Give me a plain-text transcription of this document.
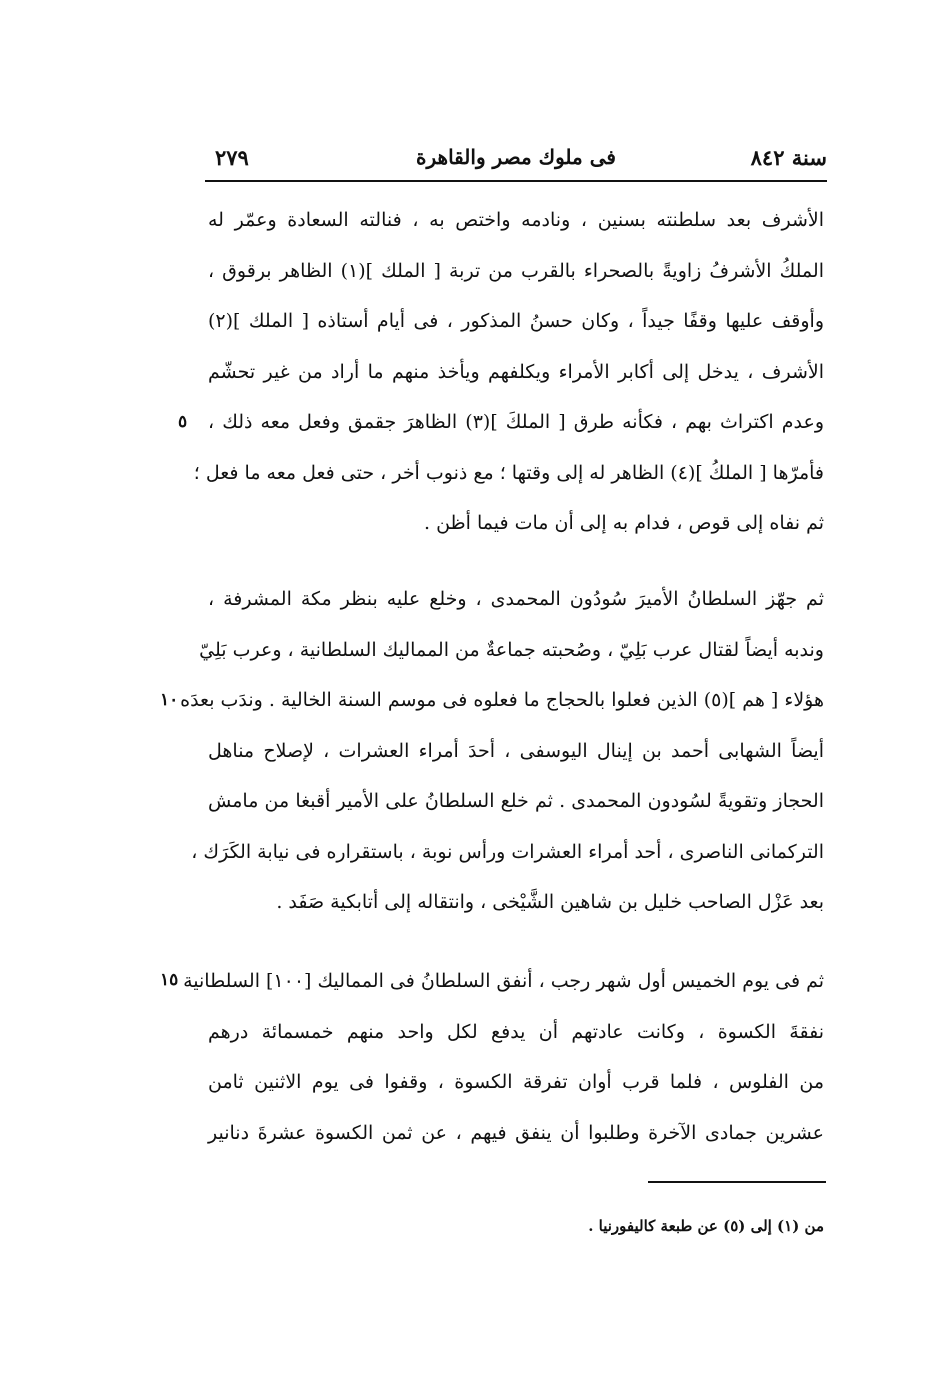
سنة ٨٤٢
فى ملوك مصر والقاهرة
٢٧٩
الأشرف بعد سلطنته بسنين ، ونادمه واختص به ، فنالته السعادة وعمّر له
الملكُ الأشرفُ زاويةً بالصحراء بالقرب من تربة [ الملك ](١) الظاهر برقوق ،
وأوقف عليها وقفًا جيداً ، وكان حسنُ المذكور ، فى أيام أستاذه [ الملك ](٢)
الأشرف ، يدخل إلى أكابر الأمراء ويكلفهم ويأخذ منهم ما أراد من غير تحشّم
وعدم اكتراث بهم ، فكأنه طرق [ الملكَ ](٣) الظاهرَ جقمق وفعل معه ذلك ،
فأمرّها [ الملكُ ](٤) الظاهر له إلى وقتها ؛ مع ذنوب أخر ، حتى فعل معه ما فعل ؛
ثم نفاه إلى قوص ، فدام به إلى أن مات فيما أظن .
ثم جهّز السلطانُ الأميرَ سُودُون المحمدى ، وخلع عليه بنظر مكة المشرفة ،
وندبه أيضاً لقتال عرب بَلِيّ ، وصُحبته جماعةٌ من المماليك السلطانية ، وعرب بَلِيّ
هؤلاء [ هم ](٥) الذين فعلوا بالحجاج ما فعلوه فى موسم السنة الخالية . وندَب بعدَه
أيضاً الشهابى أحمد بن إينال اليوسفى ، أحدَ أمراء العشرات ، لإصلاح مناهل
الحجاز وتقويةً لسُودون المحمدى . ثم خلع السلطانُ على الأمير أقبغا من مامش
التركمانى الناصرى ، أحد أمراء العشرات ورأس نوبة ، باستقراره فى نيابة الكَرَك ،
بعد عَزْل الصاحب خليل بن شاهين الشَّيْخى ، وانتقاله إلى أتابكية صَفَد .
ثم فى يوم الخميس أول شهر رجب ، أنفق السلطانُ فى المماليك [١٠٠] السلطانية
نفقةَ الكسوة ، وكانت عادتهم أن يدفع لكل واحد منهم خمسمائة درهم
من الفلوس ، فلما قرب أوان تفرقة الكسوة ، وقفوا فى يوم الاثنين ثامن
عشرين جمادى الآخرة وطلبوا أن ينفق فيهم ، عن ثمن الكسوة عشرةَ دنانير
٥
١٠
١٥
من (١) إلى (٥) عن طبعة كاليفورنيا .
